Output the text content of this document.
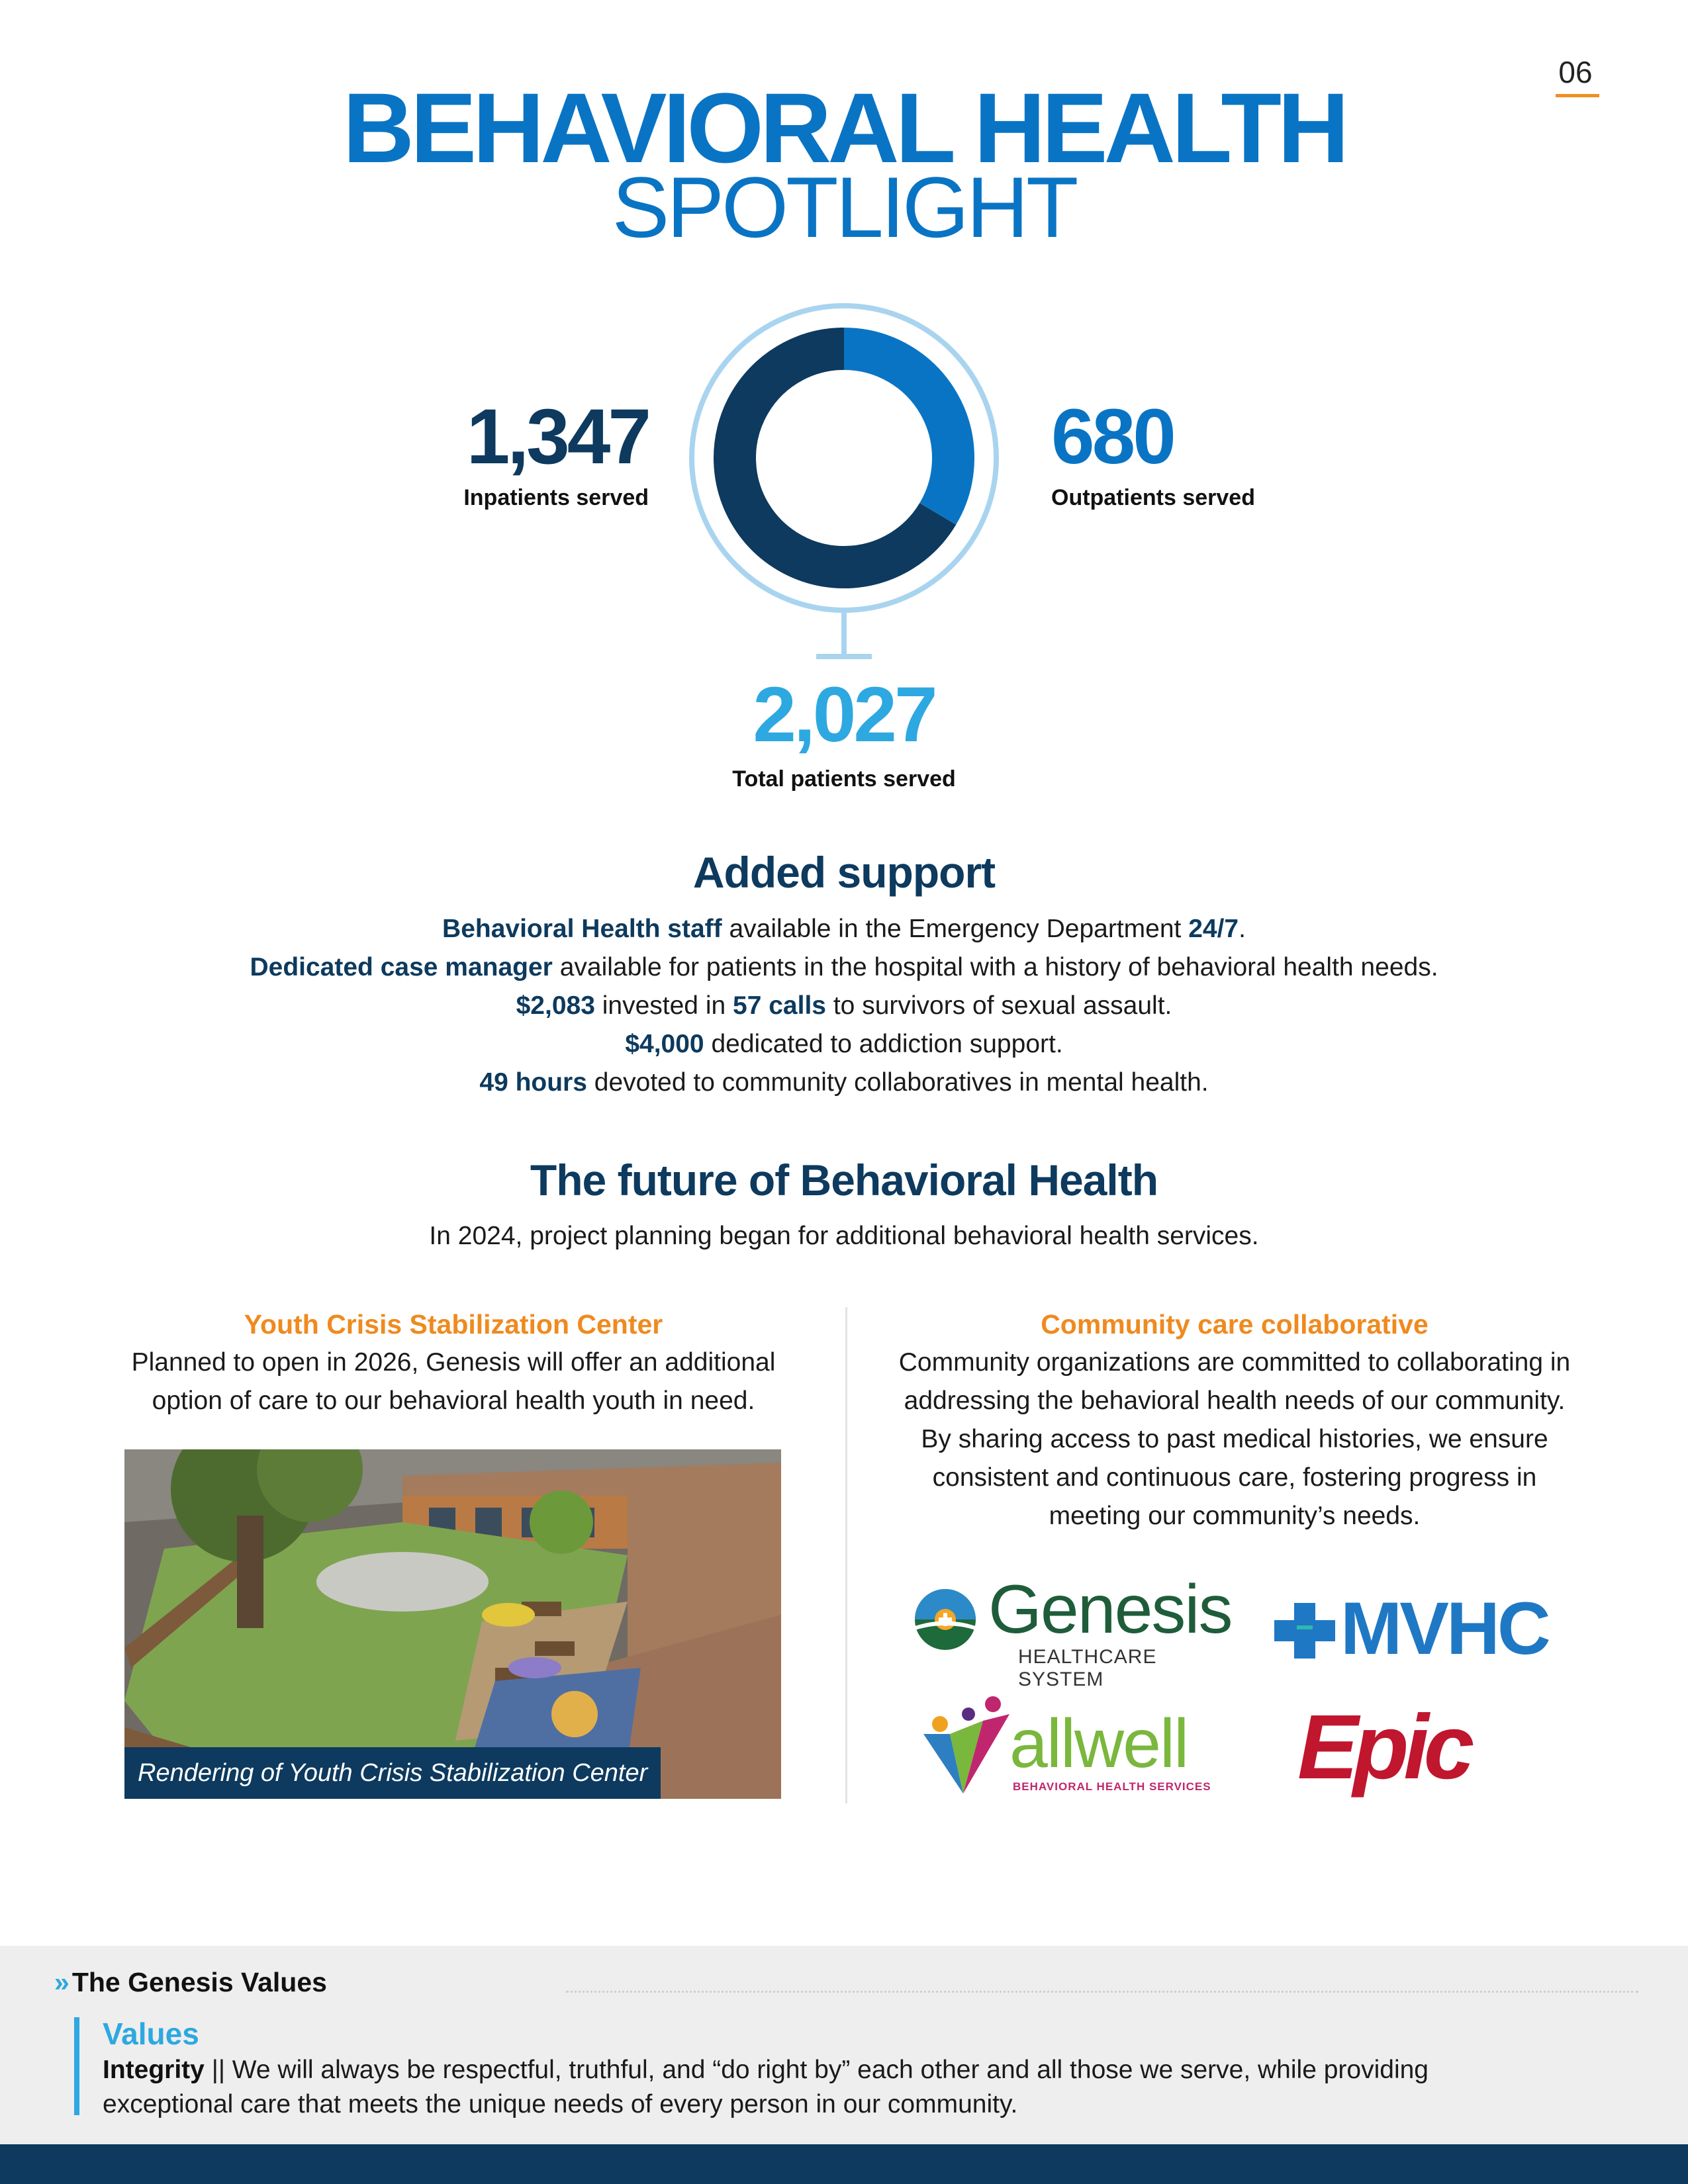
06
BEHAVIORAL HEALTH
SPOTLIGHT
1,347
Inpatients served
680
Outpatients served
2,027
Total patients served
Added support
Behavioral Health staff available in the Emergency Department 24/7.
Dedicated case manager available for patients in the hospital with a history of behavioral health needs.
$2,083 invested in 57 calls to survivors of sexual assault.
$4,000 dedicated to addiction support.
49 hours devoted to community collaboratives in mental health.
The future of Behavioral Health
In 2024, project planning began for additional behavioral health services.
Youth Crisis Stabilization Center
Planned to open in 2026, Genesis will offer an additional option of care to our behavioral health youth in need.
Rendering of Youth Crisis Stabilization Center
Community care collaborative
Community organizations are committed to collaborating in addressing the behavioral health needs of our community. By sharing access to past medical histories, we ensure consistent and continuous care, fostering progress in meeting our community’s needs.
Genesis
HEALTHCARE SYSTEM
MVHC
allwell
BEHAVIORAL HEALTH SERVICES Epic
»The Genesis Values
Values
Integrity || We will always be respectful, truthful, and “do right by” each other and all those we serve, while providing exceptional care that meets the unique needs of every person in our community.
